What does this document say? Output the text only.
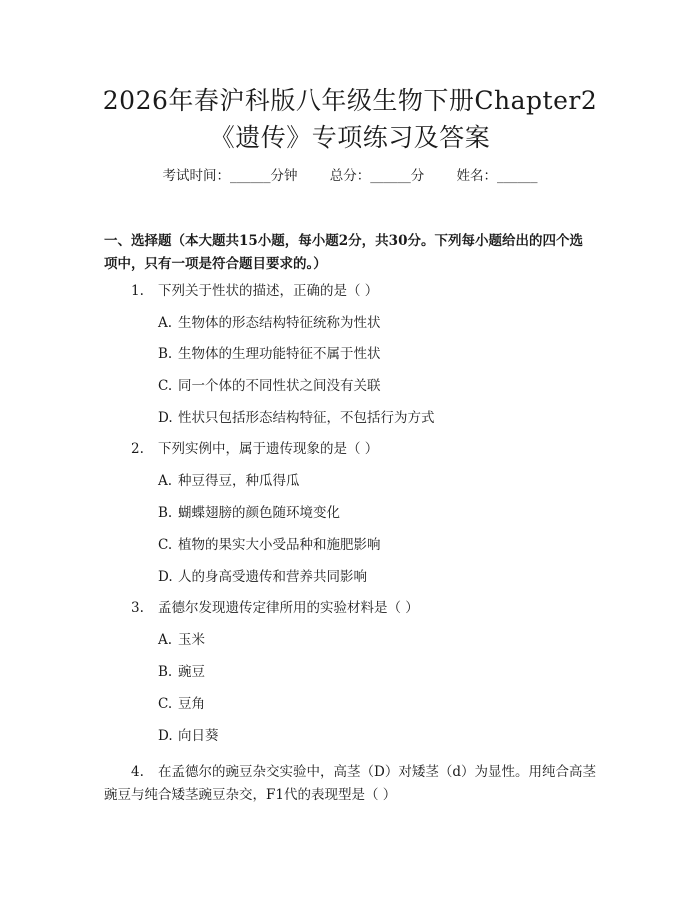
2026年春沪科版八年级生物下册Chapter2
《遗传》专项练习及答案
考试时间：______分钟 总分：______分 姓名：______
一、选择题（本大题共15小题，每小题2分，共30分。下列每小题给出的四个选项中，只有一项是符合题目要求的。）
1. 下列关于性状的描述，正确的是（ ）
A. 生物体的形态结构特征统称为性状
B. 生物体的生理功能特征不属于性状
C. 同一个体的不同性状之间没有关联
D. 性状只包括形态结构特征，不包括行为方式
2. 下列实例中，属于遗传现象的是（ ）
A. 种豆得豆，种瓜得瓜
B. 蝴蝶翅膀的颜色随环境变化
C. 植物的果实大小受品种和施肥影响
D. 人的身高受遗传和营养共同影响
3. 孟德尔发现遗传定律所用的实验材料是（ ）
A. 玉米
B. 豌豆
C. 豆角
D. 向日葵
4. 在孟德尔的豌豆杂交实验中，高茎（D）对矮茎（d）为显性。用纯合高茎豌豆与纯合矮茎豌豆杂交，F1代的表现型是（ ）
